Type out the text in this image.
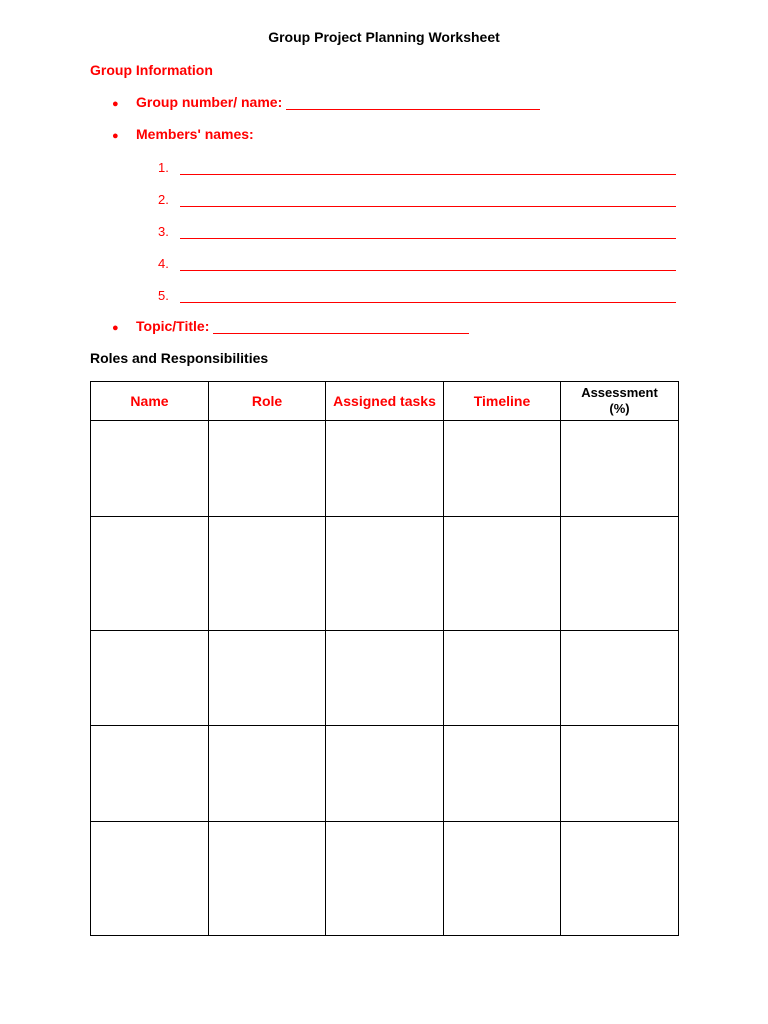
Group Project Planning Worksheet
Group Information
●	Group number/ name:
●	Members' names:
1.
2.
3.
4.
5.
●	Topic/Title:
Roles and Responsibilities
Name	Role	Assigned tasks	Timeline	Assessment
(%)
